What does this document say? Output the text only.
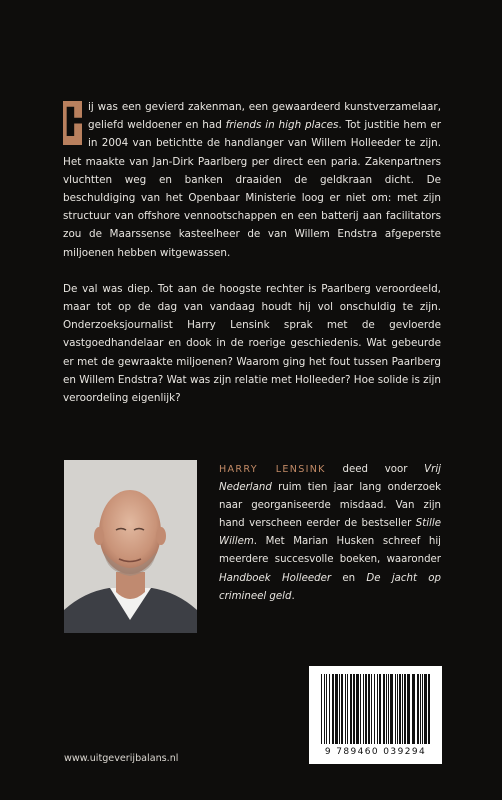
H
ij was een gevierd zakenman, een gewaardeerd kunstverzamelaar, geliefd weldoener en had friends in high places. Tot justitie hem er in 2004 van betichtte de handlanger van Willem Holleeder te zijn. Het maakte van Jan-Dirk Paarlberg per direct een paria. Zakenpartners vluchtten weg en banken draaiden de geldkraan dicht. De beschuldiging van het Openbaar Ministerie loog er niet om: met zijn structuur van offshore vennootschappen en een batterij aan facilitators zou de Maarssense kasteelheer de van Willem Endstra afgeperste miljoenen hebben witgewassen.

De val was diep. Tot aan de hoogste rechter is Paarlberg veroordeeld, maar tot op de dag van vandaag houdt hij vol onschuldig te zijn. Onderzoeksjournalist Harry Lensink sprak met de gevloerde vastgoedhandelaar en dook in de roerige geschiedenis. Wat gebeurde er met de gewraakte miljoenen? Waarom ging het fout tussen Paarlberg en Willem Endstra? Wat was zijn relatie met Holleeder? Hoe solide is zijn veroordeling eigenlijk?

HARRY LENSINK deed voor Vrij Nederland ruim tien jaar lang onderzoek naar georganiseerde misdaad. Van zijn hand verscheen eerder de bestseller Stille Willem. Met Marian Husken schreef hij meerdere succesvolle boeken, waaronder Handboek Holleeder en De jacht op crimineel geld.
9 789460 039294
www.uitgeverijbalans.nl
